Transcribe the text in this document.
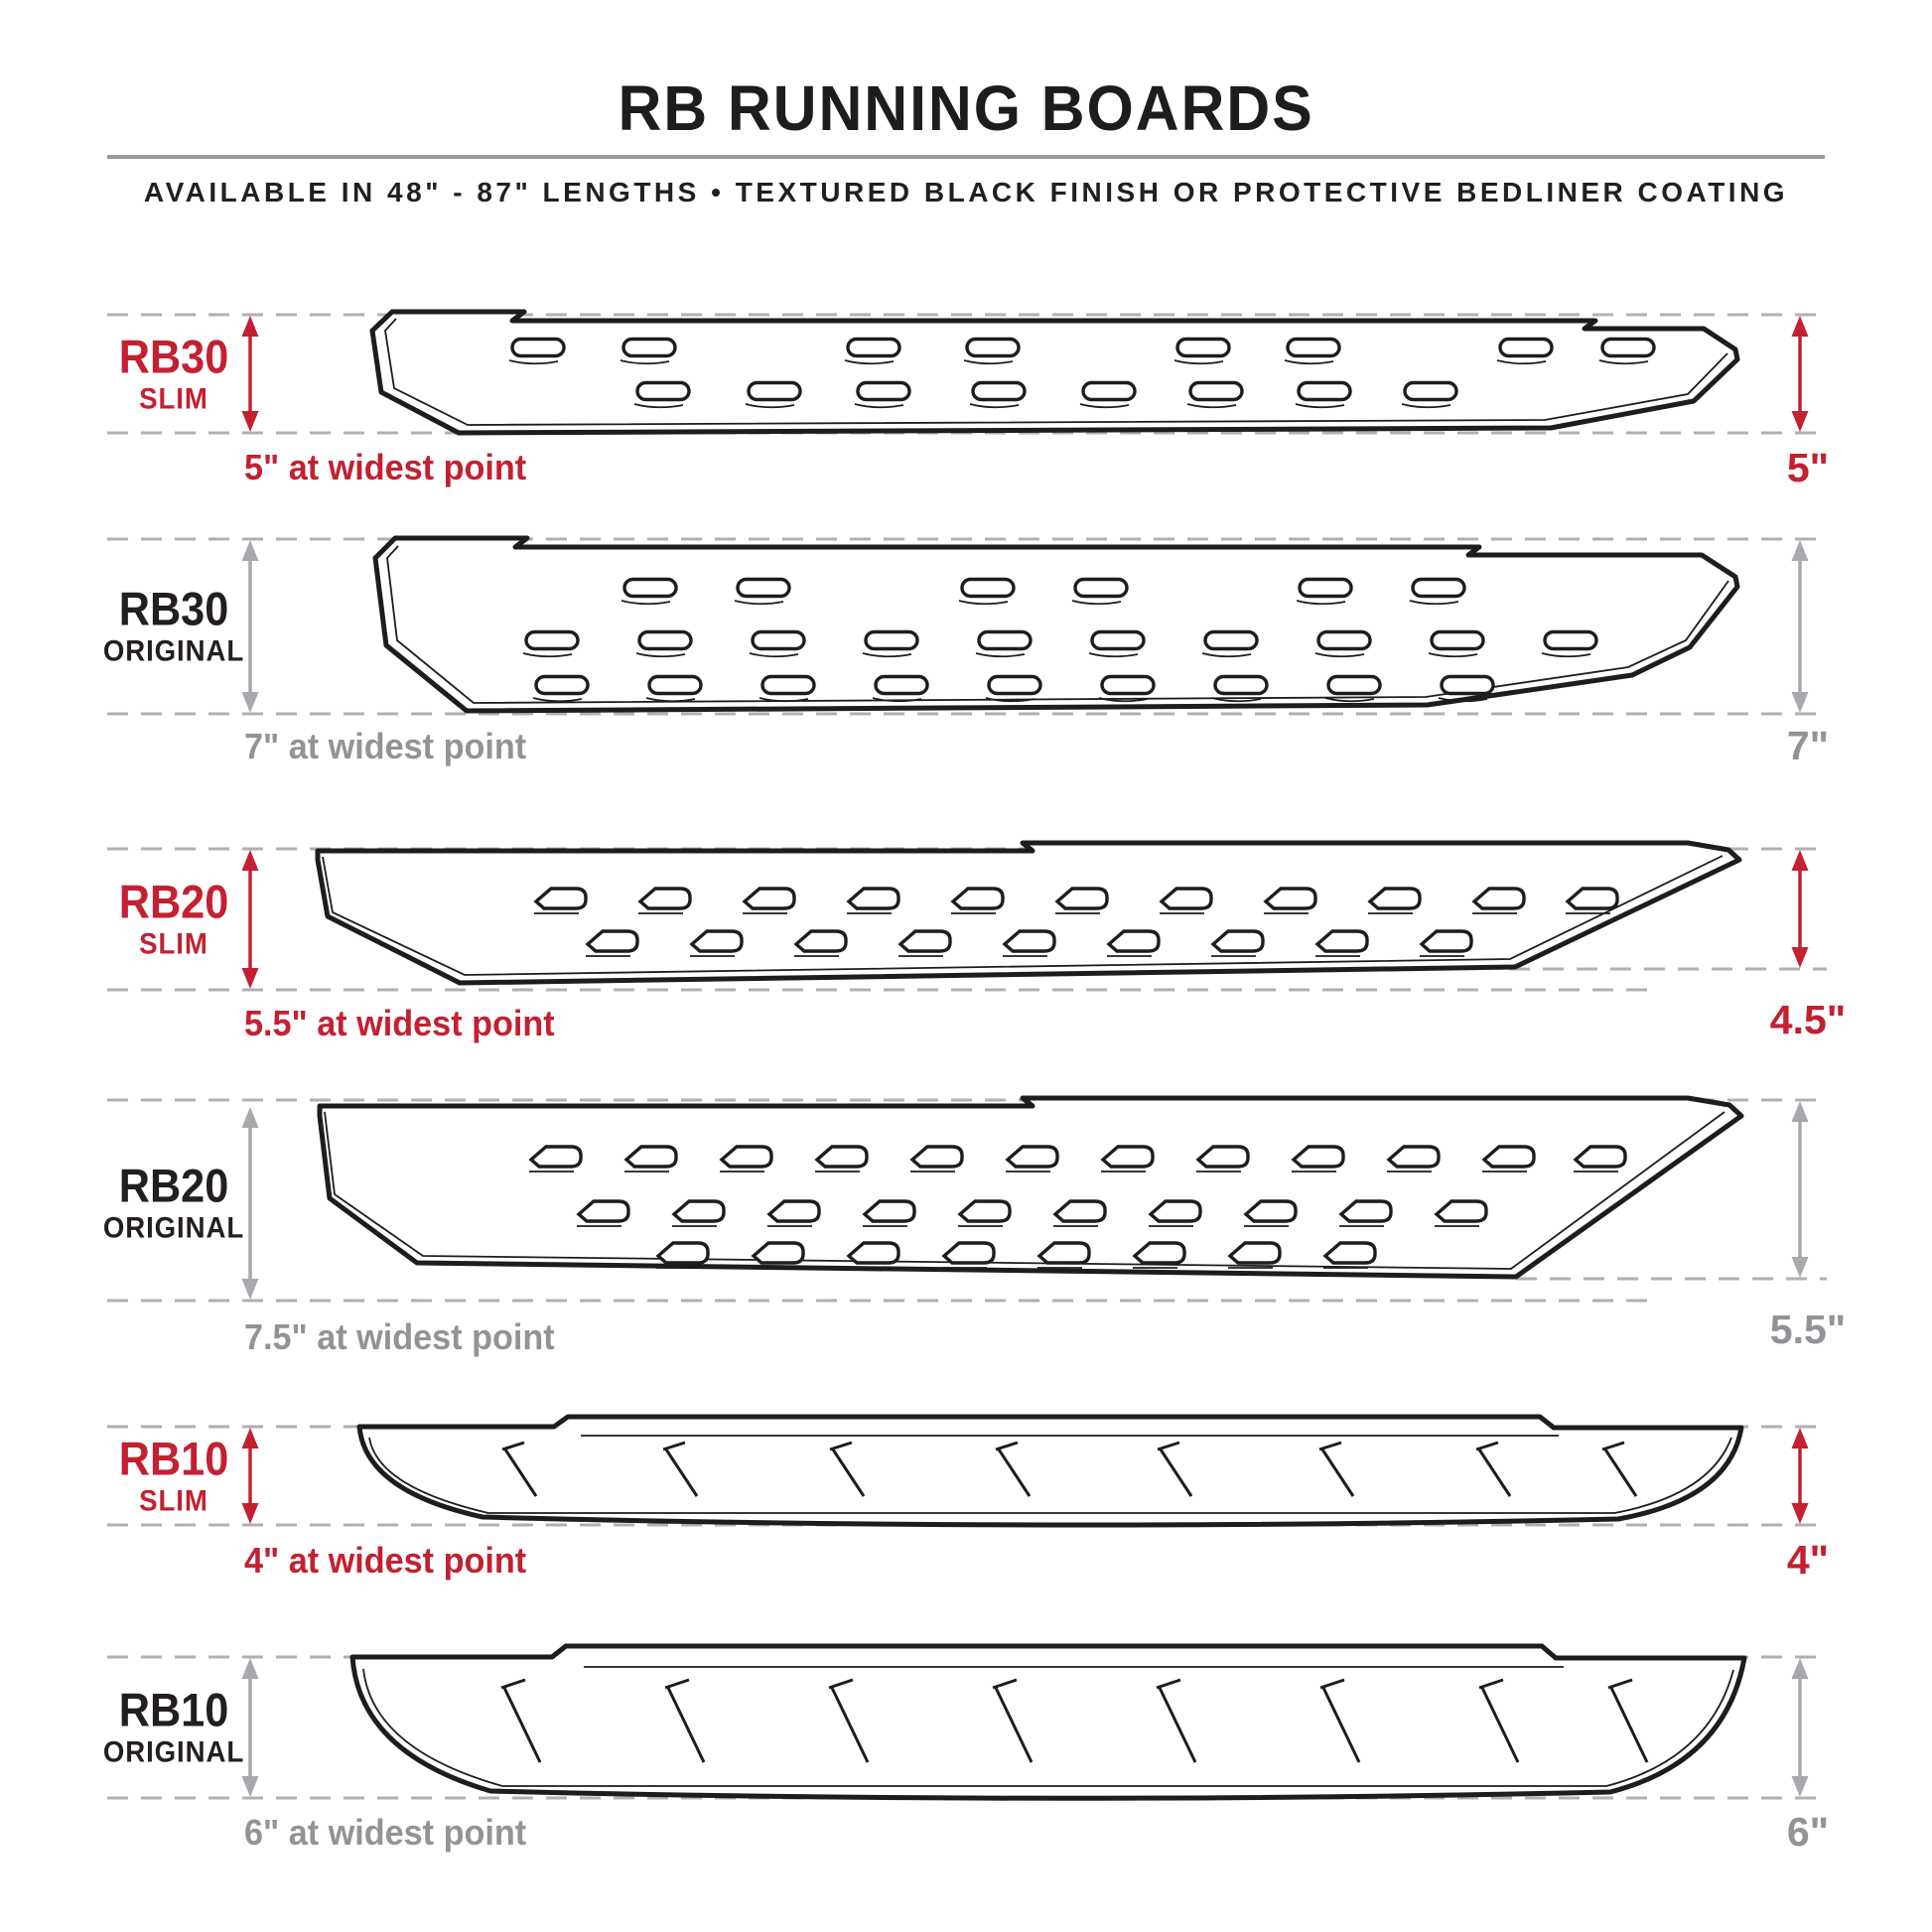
RB RUNNING BOARDS
AVAILABLE IN 48" - 87" LENGTHS • TEXTURED BLACK FINISH OR PROTECTIVE BEDLINER COATING
RB30
SLIM
5" at widest point	5"
RB30
ORIGINAL
7" at widest point	7"
RB20
SLIM
5.5" at widest point	4.5"
RB20
ORIGINAL
7.5" at widest point	5.5"
RB10
SLIM
4" at widest point	4"
RB10
ORIGINAL
6" at widest point	6"
